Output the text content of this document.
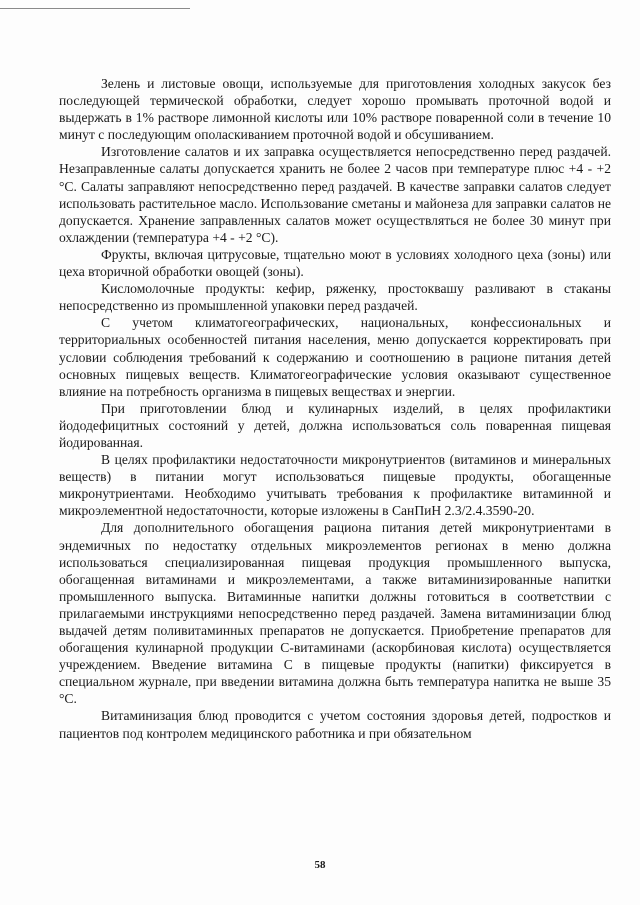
Зелень и листовые овощи, используемые для приготовления холодных закусок без последующей термической обработки, следует хорошо промывать проточной водой и выдержать в 1% растворе лимонной кислоты или 10% растворе поваренной соли в течение 10 минут с последующим ополаскиванием проточной водой и обсушиванием.

Изготовление салатов и их заправка осуществляется непосредственно перед раздачей. Незаправленные салаты допускается хранить не более 2 часов при температуре плюс +4 - +2 °С. Салаты заправляют непосредственно перед раздачей. В качестве заправки салатов следует использовать растительное масло. Использование сметаны и майонеза для заправки салатов не допускается. Хранение заправленных салатов может осуществляться не более 30 минут при охлаждении (температура +4 - +2 °С).

Фрукты, включая цитрусовые, тщательно моют в условиях холодного цеха (зоны) или цеха вторичной обработки овощей (зоны).

Кисломолочные продукты: кефир, ряженку, простоквашу разливают в стаканы непосредственно из промышленной упаковки перед раздачей.

С учетом климатогеографических, национальных, конфессиональных и территориальных особенностей питания населения, меню допускается корректировать при условии соблюдения требований к содержанию и соотношению в рационе питания детей основных пищевых веществ. Климатогеографические условия оказывают существенное влияние на потребность организма в пищевых веществах и энергии.

При приготовлении блюд и кулинарных изделий, в целях профилактики йододефицитных состояний у детей, должна использоваться соль поваренная пищевая йодированная.

В целях профилактики недостаточности микронутриентов (витаминов и минеральных веществ) в питании могут использоваться пищевые продукты, обогащенные микронутриентами. Необходимо учитывать требования к профилактике витаминной и микроэлементной недостаточности, которые изложены в СанПиН 2.3/2.4.3590-20.

Для дополнительного обогащения рациона питания детей микронутриентами в эндемичных по недостатку отдельных микроэлементов регионах в меню должна использоваться специализированная пищевая продукция промышленного выпуска, обогащенная витаминами и микроэлементами, а также витаминизированные напитки промышленного выпуска. Витаминные напитки должны готовиться в соответствии с прилагаемыми инструкциями непосредственно перед раздачей. Замена витаминизации блюд выдачей детям поливитаминных препаратов не допускается. Приобретение препаратов для обогащения кулинарной продукции С-витаминами (аскорбиновая кислота) осуществляется учреждением. Введение витамина С в пищевые продукты (напитки) фиксируется в специальном журнале, при введении витамина должна быть температура напитка не выше 35 °С.

Витаминизация блюд проводится с учетом состояния здоровья детей, подростков и пациентов под контролем медицинского работника и при обязательном

58
